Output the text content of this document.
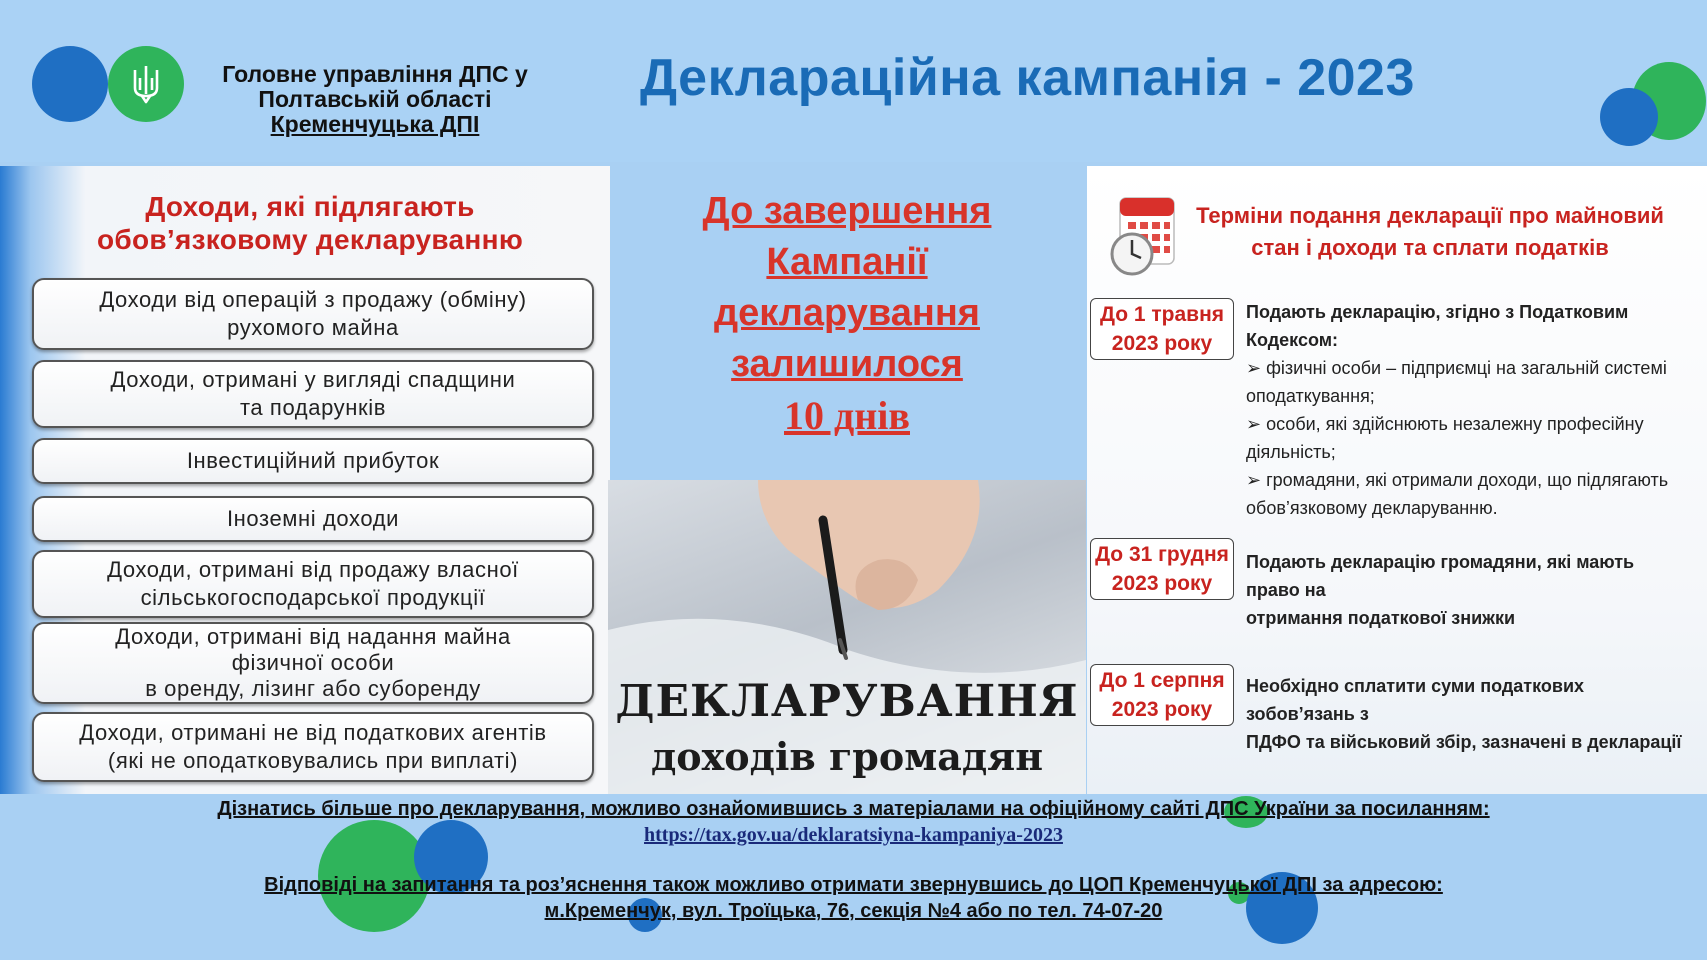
Головне управління ДПС у
Полтавській області
Кременчуцька ДПІ
Деклараційна кампанія - 2023
Доходи, які підлягають
обов’язковому декларуванню
Доходи від операцій з продажу (обміну)
рухомого майна
Доходи, отримані у вигляді спадщини
та подарунків
Інвестиційний прибуток
Іноземні доходи
Доходи, отримані від продажу власної
сільськогосподарської продукції
Доходи, отримані від надання майна
фізичної особи
в оренду, лізинг або суборенду
Доходи, отримані не від податкових агентів
(які не оподатковувались при виплаті)
До завершення
Кампанії
декларування
залишилося
10 днів
ДЕКЛАРУВАННЯ
доходів громадян
Терміни подання декларації про майновий
стан і доходи та сплати податків
До 1 травня
2023 року
Подають декларацію, згідно з Податковим Кодексом:
➢ фізичні особи – підприємці на загальній системі
оподаткування;
➢ особи, які здійснюють незалежну професійну
діяльність;
➢ громадяни, які отримали доходи, що підлягають
обов’язковому декларуванню.
До 31 грудня
2023 року
Подають декларацію громадяни, які мають право на
отримання податкової знижки
До 1 серпня
2023 року
Необхідно сплатити суми податкових зобов’язань з
ПДФО та військовий збір, зазначені в декларації
Дізнатись більше про декларування, можливо ознайомившись з матеріалами на офіційному сайті ДПС України за посиланням:
https://tax.gov.ua/deklaratsiyna-kampaniya-2023
Відповіді на запитання та роз’яснення також можливо отримати звернувшись до ЦОП Кременчуцької ДПІ за адресою:
м.Кременчук, вул. Троїцька, 76, секція №4 або по тел. 74-07-20
